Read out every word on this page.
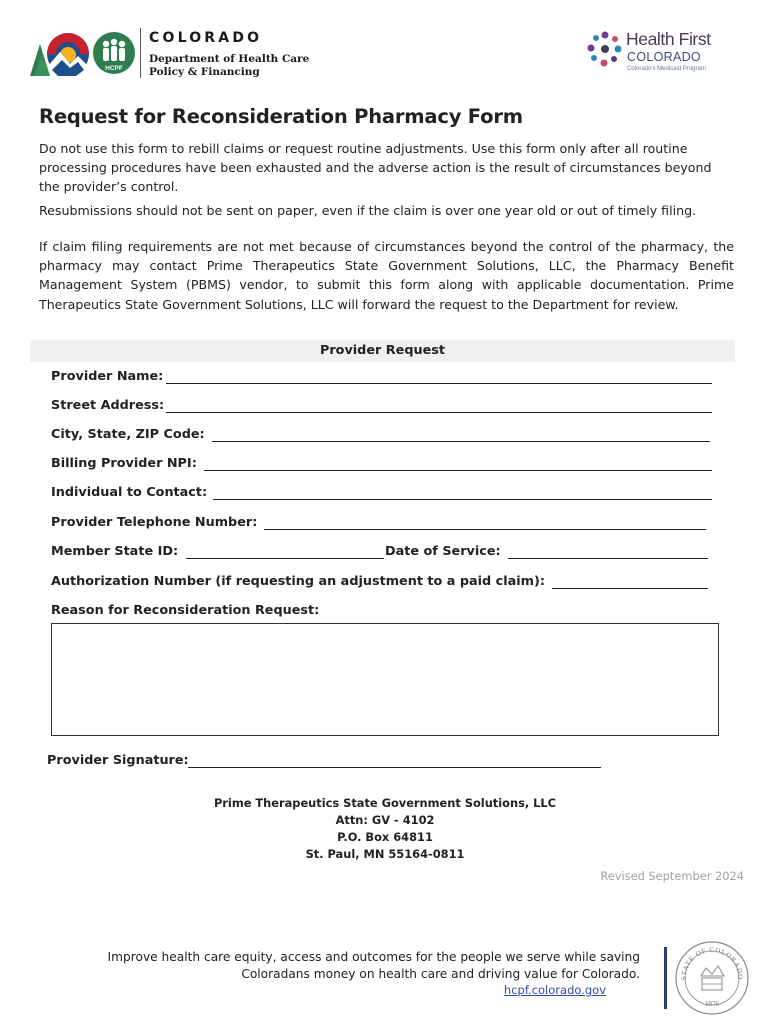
HCPF
COLORADO
Department of Health Care
Policy & Financing
Health First
COLORADO
Colorado's Medicaid Program
Request for Reconsideration Pharmacy Form
Do not use this form to rebill claims or request routine adjustments. Use this form only after all routine processing procedures have been exhausted and the adverse action is the result of circumstances beyond the provider’s control.
Resubmissions should not be sent on paper, even if the claim is over one year old or out of timely filing.
If claim filing requirements are not met because of circumstances beyond the control of the pharmacy, the pharmacy may contact Prime Therapeutics State Government Solutions, LLC, the Pharmacy Benefit Management System (PBMS) vendor, to submit this form along with applicable documentation. Prime Therapeutics State Government Solutions, LLC will forward the request to the Department for review.
Provider Request
Provider Name:
Street Address:
City, State, ZIP Code:
Billing Provider NPI:
Individual to Contact:
Provider Telephone Number:
Member State ID:	Date of Service:
Authorization Number (if requesting an adjustment to a paid claim):
Reason for Reconsideration Request:
Provider Signature:
Prime Therapeutics State Government Solutions, LLC
Attn: GV - 4102
P.O. Box 64811
St. Paul, MN 55164-0811
Revised September 2024
Improve health care equity, access and outcomes for the people we serve while saving
Coloradans money on health care and driving value for Colorado.
hcpf.colorado.gov
STATE OF COLORADO
1876
